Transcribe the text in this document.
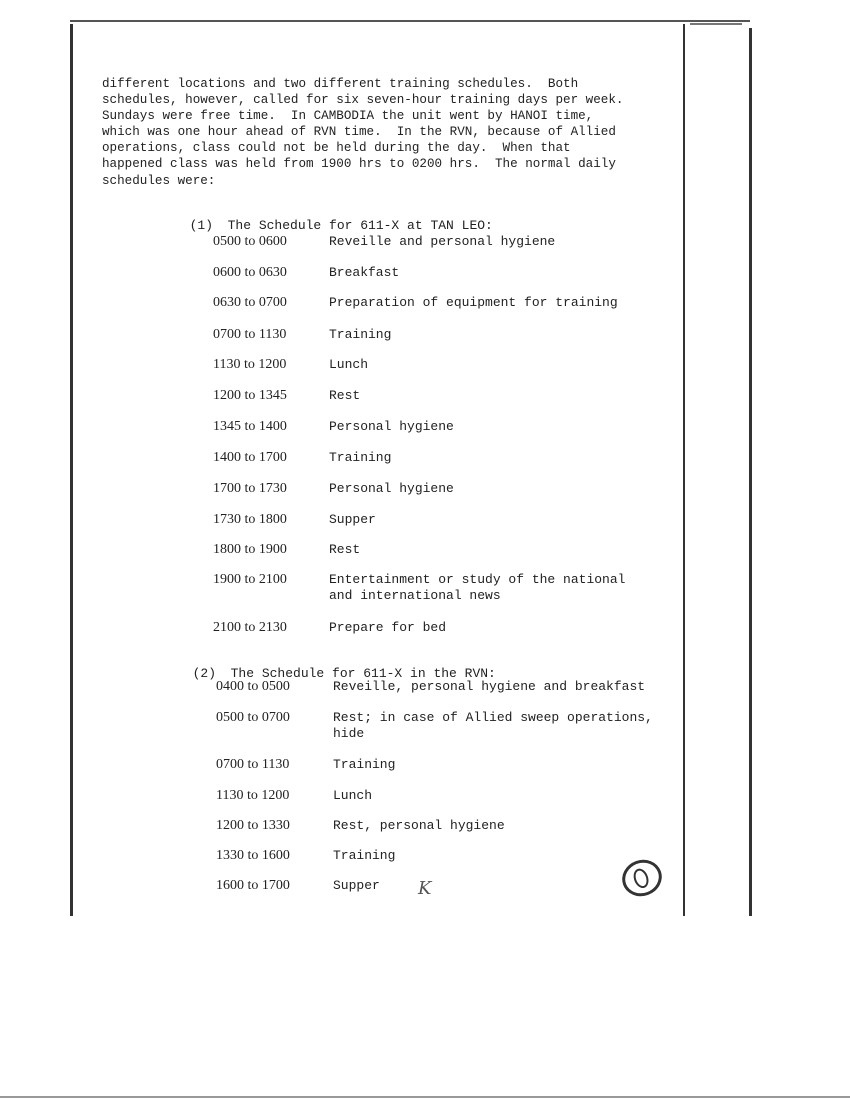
different locations and two different training schedules.  Both
schedules, however, called for six seven-hour training days per week.
Sundays were free time.  In CAMBODIA the unit went by HANOI time,
which was one hour ahead of RVN time.  In the RVN, because of Allied
operations, class could not be held during the day.  When that
happened class was held from 1900 hrs to 0200 hrs.  The normal daily
schedules were:

(1) The Schedule for 611-X at TAN LEO:

0500 to 0600	Reveille and personal hygiene
0600 to 0630	Breakfast
0630 to 0700	Preparation of equipment for training
0700 to 1130	Training
1130 to 1200	Lunch
1200 to 1345	Rest
1345 to 1400	Personal hygiene
1400 to 1700	Training
1700 to 1730	Personal hygiene
1730 to 1800	Supper
1800 to 1900	Rest
1900 to 2100	Entertainment or study of the national
and international news
2100 to 2130	Prepare for bed

(2) The Schedule for 611-X in the RVN:

0400 to 0500	Reveille, personal hygiene and breakfast
0500 to 0700	Rest; in case of Allied sweep operations,
hide
0700 to 1130	Training
1130 to 1200	Lunch
1200 to 1330	Rest, personal hygiene
1330 to 1600	Training
1600 to 1700	Supper K
